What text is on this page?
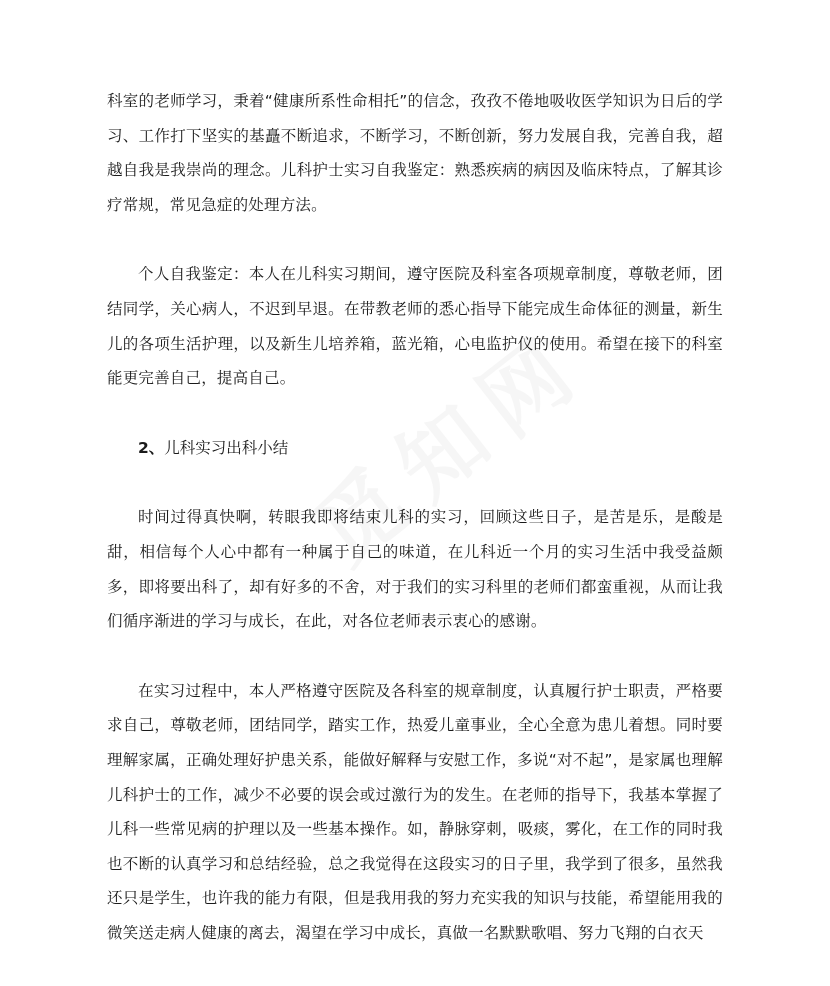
科室的老师学习，秉着“健康所系性命相托”的信念，孜孜不倦地吸收医学知识为日后的学习、工作打下坚实的基矗不断追求，不断学习，不断创新，努力发展自我，完善自我，超越自我是我崇尚的理念。儿科护士实习自我鉴定：熟悉疾病的病因及临床特点，了解其诊疗常规，常见急症的处理方法。

个人自我鉴定：本人在儿科实习期间，遵守医院及科室各项规章制度，尊敬老师，团结同学，关心病人，不迟到早退。在带教老师的悉心指导下能完成生命体征的测量，新生儿的各项生活护理，以及新生儿培养箱，蓝光箱，心电监护仪的使用。希望在接下的科室能更完善自己，提高自己。

2、儿科实习出科小结

时间过得真快啊，转眼我即将结束儿科的实习，回顾这些日子，是苦是乐，是酸是甜，相信每个人心中都有一种属于自己的味道，在儿科近一个月的实习生活中我受益颇多，即将要出科了，却有好多的不舍，对于我们的实习科里的老师们都蛮重视，从而让我们循序渐进的学习与成长，在此，对各位老师表示衷心的感谢。

在实习过程中，本人严格遵守医院及各科室的规章制度，认真履行护士职责，严格要求自己，尊敬老师，团结同学，踏实工作，热爱儿童事业，全心全意为患儿着想。同时要理解家属，正确处理好护患关系，能做好解释与安慰工作，多说“对不起”，是家属也理解儿科护士的工作，减少不必要的误会或过激行为的发生。在老师的指导下，我基本掌握了儿科一些常见病的护理以及一些基本操作。如，静脉穿刺，吸痰，雾化，在工作的同时我也不断的认真学习和总结经验，总之我觉得在这段实习的日子里，我学到了很多，虽然我还只是学生，也许我的能力有限，但是我用我的努力充实我的知识与技能，希望能用我的微笑送走病人健康的离去，渴望在学习中成长，真做一名默默歌唱、努力飞翔的白衣天
